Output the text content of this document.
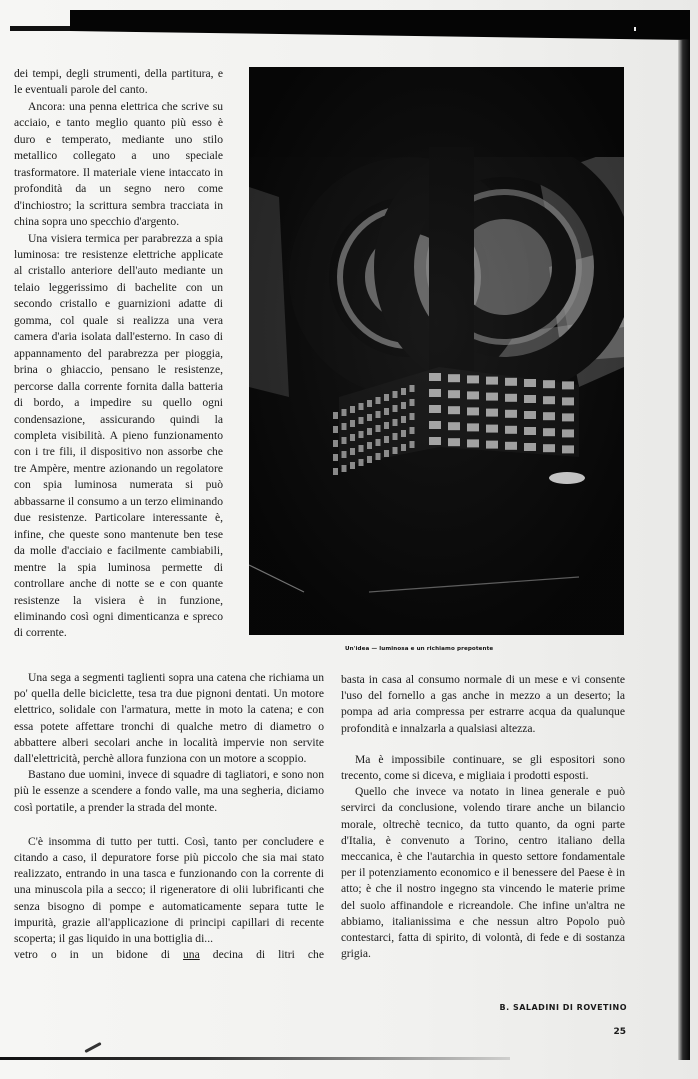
dei tempi, degli strumenti, della partitura, e le eventuali parole del canto.

Ancora: una penna elettrica che scrive su acciaio, e tanto meglio quanto più esso è duro e temperato, mediante uno stilo metallico collegato a uno speciale trasformatore. Il materiale viene intaccato in profondità da un segno nero come d'inchiostro; la scrittura sembra tracciata in china sopra uno specchio d'argento.

Una visiera termica per parabrezza a spia luminosa: tre resistenze elettriche applicate al cristallo anteriore dell'auto mediante un telaio leggerissimo di bachelite con un secondo cristallo e guarnizioni adatte di gomma, col quale si realizza una vera camera d'aria isolata dall'esterno. In caso di appannamento del parabrezza per pioggia, brina o ghiaccio, pensano le resistenze, percorse dalla corrente fornita dalla batteria di bordo, a impedire su quello ogni condensazione, assicurando quindi la completa visibilità. A pieno funzionamento con i tre fili, il dispositivo non assorbe che tre Ampère, mentre azionando un regolatore con spia luminosa numerata si può abbassarne il consumo a un terzo eliminando due resistenze. Particolare interessante è, infine, che queste sono mantenute ben tese da molle d'acciaio e facilmente cambiabili, mentre la spia luminosa permette di controllare anche di notte se e con quante resistenze la visiera è in funzione, eliminando così ogni dimenticanza e spreco di corrente.

Un'idea — luminosa e un richiamo prepotente

Una sega a segmenti taglienti sopra una catena che richiama un po' quella delle biciclette, tesa tra due pignoni dentati. Un motore elettrico, solidale con l'armatura, mette in moto la catena; e con essa potete affettare tronchi di qualche metro di diametro o abbattere alberi secolari anche in località impervie non servite dall'elettricità, perchè allora funziona con un motore a scoppio.

Bastano due uomini, invece di squadre di tagliatori, e sono non più le essenze a scendere a fondo valle, ma una segheria, diciamo così portatile, a prender la strada del monte.

C'è insomma di tutto per tutti. Così, tanto per concludere e citando a caso, il depuratore forse più piccolo che sia mai stato realizzato, entrando in una tasca e funzionando con la corrente di una minuscola pila a secco; il rigeneratore di olii lubrificanti che senza bisogno di pompe e automaticamente separa tutte le impurità, grazie all'applicazione di principi capillari di recente scoperta; il gas liquido in una bottiglia di...

vetro o in un bidone di una decina di litri che

basta in casa al consumo normale di un mese e vi consente l'uso del fornello a gas anche in mezzo a un deserto; la pompa ad aria compressa per estrarre acqua da qualunque profondità e innalzarla a qualsiasi altezza.

Ma è impossibile continuare, se gli espositori sono trecento, come si diceva, e migliaia i prodotti esposti.

Quello che invece va notato in linea generale e può servirci da conclusione, volendo tirare anche un bilancio morale, oltrechè tecnico, da tutto quanto, da ogni parte d'Italia, è convenuto a Torino, centro italiano della meccanica, è che l'autarchia in questo settore fondamentale per il potenziamento economico e il benessere del Paese è in atto; è che il nostro ingegno sta vincendo le materie prime del suolo affinandole e ricreandole. Che infine un'altra ne abbiamo, italianissima e che nessun altro Popolo può contestarci, fatta di spirito, di volontà, di fede e di sostanza grigia.

B. SALADINI DI ROVETINO
25
